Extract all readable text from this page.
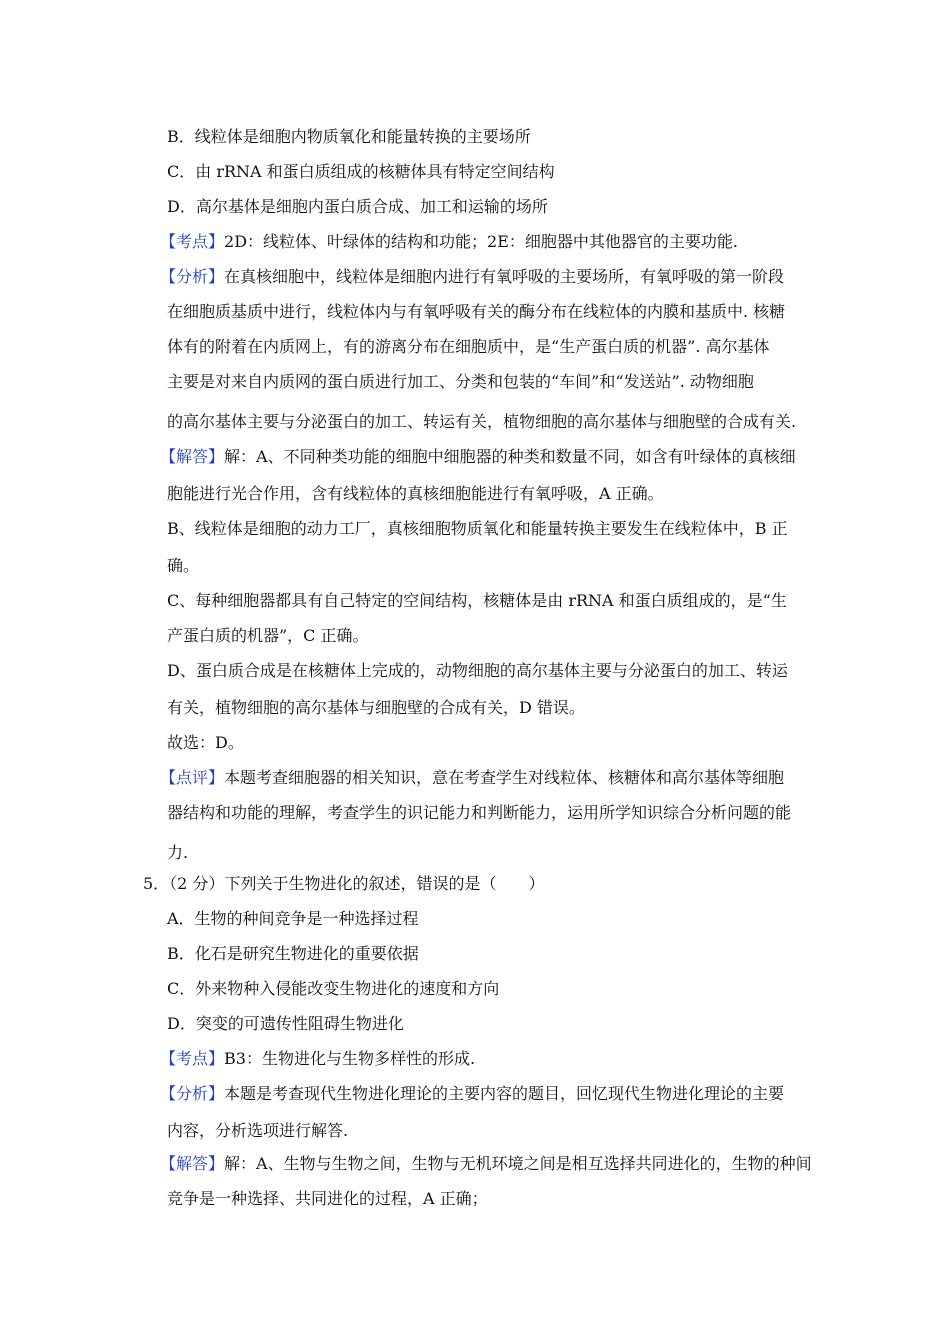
B．线粒体是细胞内物质氧化和能量转换的主要场所
C．由 rRNA 和蛋白质组成的核糖体具有特定空间结构
D．高尔基体是细胞内蛋白质合成、加工和运输的场所
【考点】2D：线粒体、叶绿体的结构和功能；2E：细胞器中其他器官的主要功能.
【分析】在真核细胞中，线粒体是细胞内进行有氧呼吸的主要场所，有氧呼吸的第一阶段
在细胞质基质中进行，线粒体内与有氧呼吸有关的酶分布在线粒体的内膜和基质中. 核糖
体有的附着在内质网上，有的游离分布在细胞质中，是“生产蛋白质的机器”. 高尔基体
主要是对来自内质网的蛋白质进行加工、分类和包装的“车间”和“发送站”. 动物细胞
的高尔基体主要与分泌蛋白的加工、转运有关，植物细胞的高尔基体与细胞壁的合成有关.
【解答】解：A、不同种类功能的细胞中细胞器的种类和数量不同，如含有叶绿体的真核细
胞能进行光合作用，含有线粒体的真核细胞能进行有氧呼吸，A 正确。
B、线粒体是细胞的动力工厂，真核细胞物质氧化和能量转换主要发生在线粒体中，B 正
确。
C、每种细胞器都具有自己特定的空间结构，核糖体是由 rRNA 和蛋白质组成的，是“生
产蛋白质的机器”，C 正确。
D、蛋白质合成是在核糖体上完成的，动物细胞的高尔基体主要与分泌蛋白的加工、转运
有关，植物细胞的高尔基体与细胞壁的合成有关，D 错误。
故选：D。
【点评】本题考查细胞器的相关知识，意在考查学生对线粒体、核糖体和高尔基体等细胞
器结构和功能的理解，考查学生的识记能力和判断能力，运用所学知识综合分析问题的能
力.
5．（2 分）下列关于生物进化的叙述，错误的是（　　）
A．生物的种间竞争是一种选择过程
B．化石是研究生物进化的重要依据
C．外来物种入侵能改变生物进化的速度和方向
D．突变的可遗传性阻碍生物进化
【考点】B3：生物进化与生物多样性的形成.
【分析】本题是考查现代生物进化理论的主要内容的题目，回忆现代生物进化理论的主要
内容，分析选项进行解答.
【解答】解：A、生物与生物之间，生物与无机环境之间是相互选择共同进化的，生物的种间
竞争是一种选择、共同进化的过程，A 正确；
